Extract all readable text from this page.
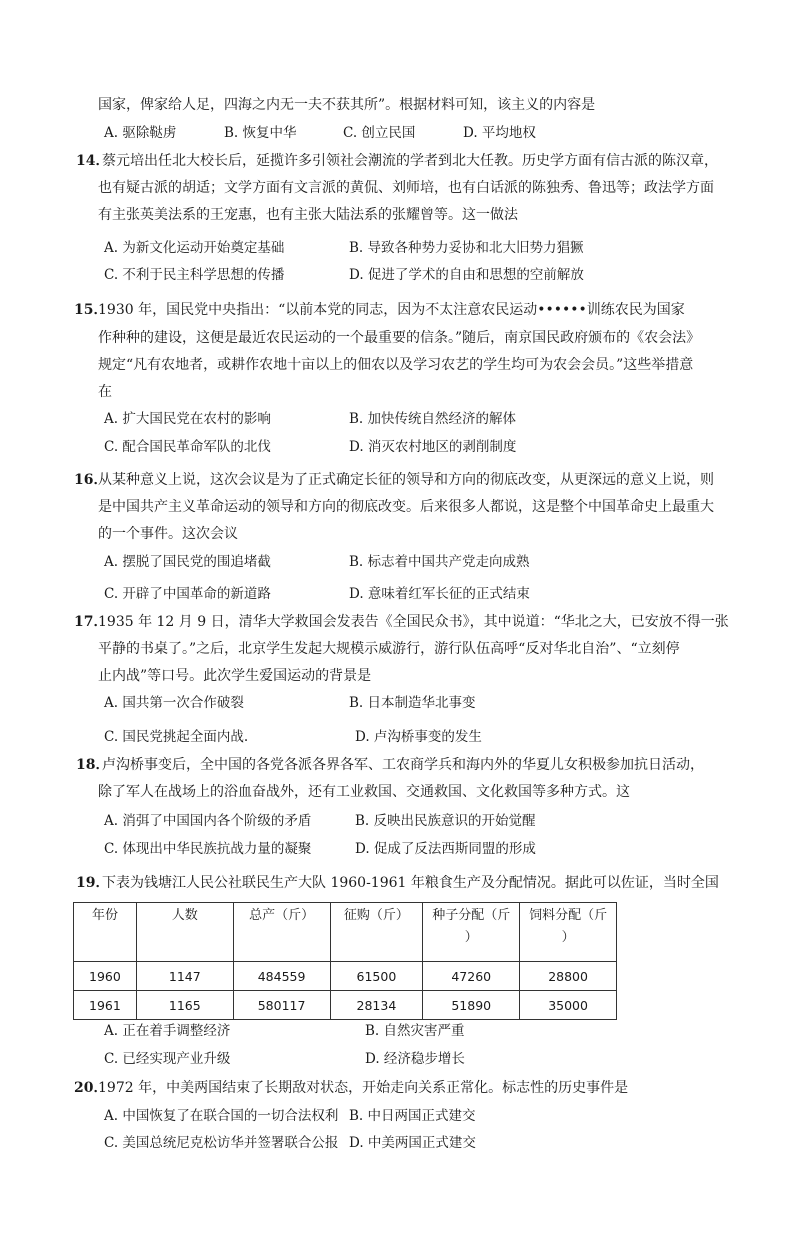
国家，俾家给人足，四海之内无一夫不获其所”。根据材料可知，该主义的内容是
A. 驱除鞑虏	B. 恢复中华	C. 创立民国	D. 平均地权
14．
蔡元培出任北大校长后，延揽许多引领社会潮流的学者到北大任教。历史学方面有信古派的陈汉章，
也有疑古派的胡适；文学方面有文言派的黄侃、刘师培，也有白话派的陈独秀、鲁迅等；政法学方面
有主张英美法系的王宠惠，也有主张大陆法系的张耀曾等。这一做法
A. 为新文化运动开始奠定基础	B. 导致各种势力妥协和北大旧势力猖獗
C. 不利于民主科学思想的传播	D. 促进了学术的自由和思想的空前解放
15．
1930 年，国民党中央指出：“以前本党的同志，因为不太注意农民运动••••••训练农民为国家
作种种的建设，这便是最近农民运动的一个最重要的信条。”随后，南京国民政府颁布的《农会法》
规定“凡有农地者，或耕作农地十亩以上的佃农以及学习农艺的学生均可为农会会员。”这些举措意
在
A. 扩大国民党在农村的影响	B. 加快传统自然经济的解体
C. 配合国民革命军队的北伐	D. 消灭农村地区的剥削制度
16．
从某种意义上说，这次会议是为了正式确定长征的领导和方向的彻底改变，从更深远的意义上说，则
是中国共产主义革命运动的领导和方向的彻底改变。后来很多人都说，这是整个中国革命史上最重大
的一个事件。这次会议
A. 摆脱了国民党的围追堵截	B. 标志着中国共产党走向成熟
C. 开辟了中国革命的新道路	D. 意味着红军长征的正式结束
17．
1935 年 12 月 9 日，清华大学救国会发表告《全国民众书》，其中说道：“华北之大，已安放不得一张
平静的书桌了。”之后，北京学生发起大规模示威游行，游行队伍高呼“反对华北自治”、“立刻停
止内战”等口号。此次学生爱国运动的背景是
A. 国共第一次合作破裂	B. 日本制造华北事变
C. 国民党挑起全面内战.	D. 卢沟桥事变的发生
18．
卢沟桥事变后，全中国的各党各派各界各军、工农商学兵和海内外的华夏儿女积极参加抗日活动，
除了军人在战场上的浴血奋战外，还有工业救国、交通救国、文化救国等多种方式。这
A. 消弭了中国国内各个阶级的矛盾	B. 反映出民族意识的开始觉醒
C. 体现出中华民族抗战力量的凝聚	D. 促成了反法西斯同盟的形成
19．
下表为钱塘江人民公社联民生产大队 1960-1961 年粮食生产及分配情况。据此可以佐证，当时全国
年份	人数	总产（斤）	征购（斤）	种子分配（斤
）	饲料分配（斤
）
1960	1147	484559	61500	47260	28800
1961	1165	580117	28134	51890	35000
A. 正在着手调整经济	B. 自然灾害严重
C. 已经实现产业升级	D. 经济稳步增长
20．
1972 年，中美两国结束了长期敌对状态，开始走向关系正常化。标志性的历史事件是
A. 中国恢复了在联合国的一切合法权利 B. 中日两国正式建交
C. 美国总统尼克松访华并签署联合公报 D. 中美两国正式建交
